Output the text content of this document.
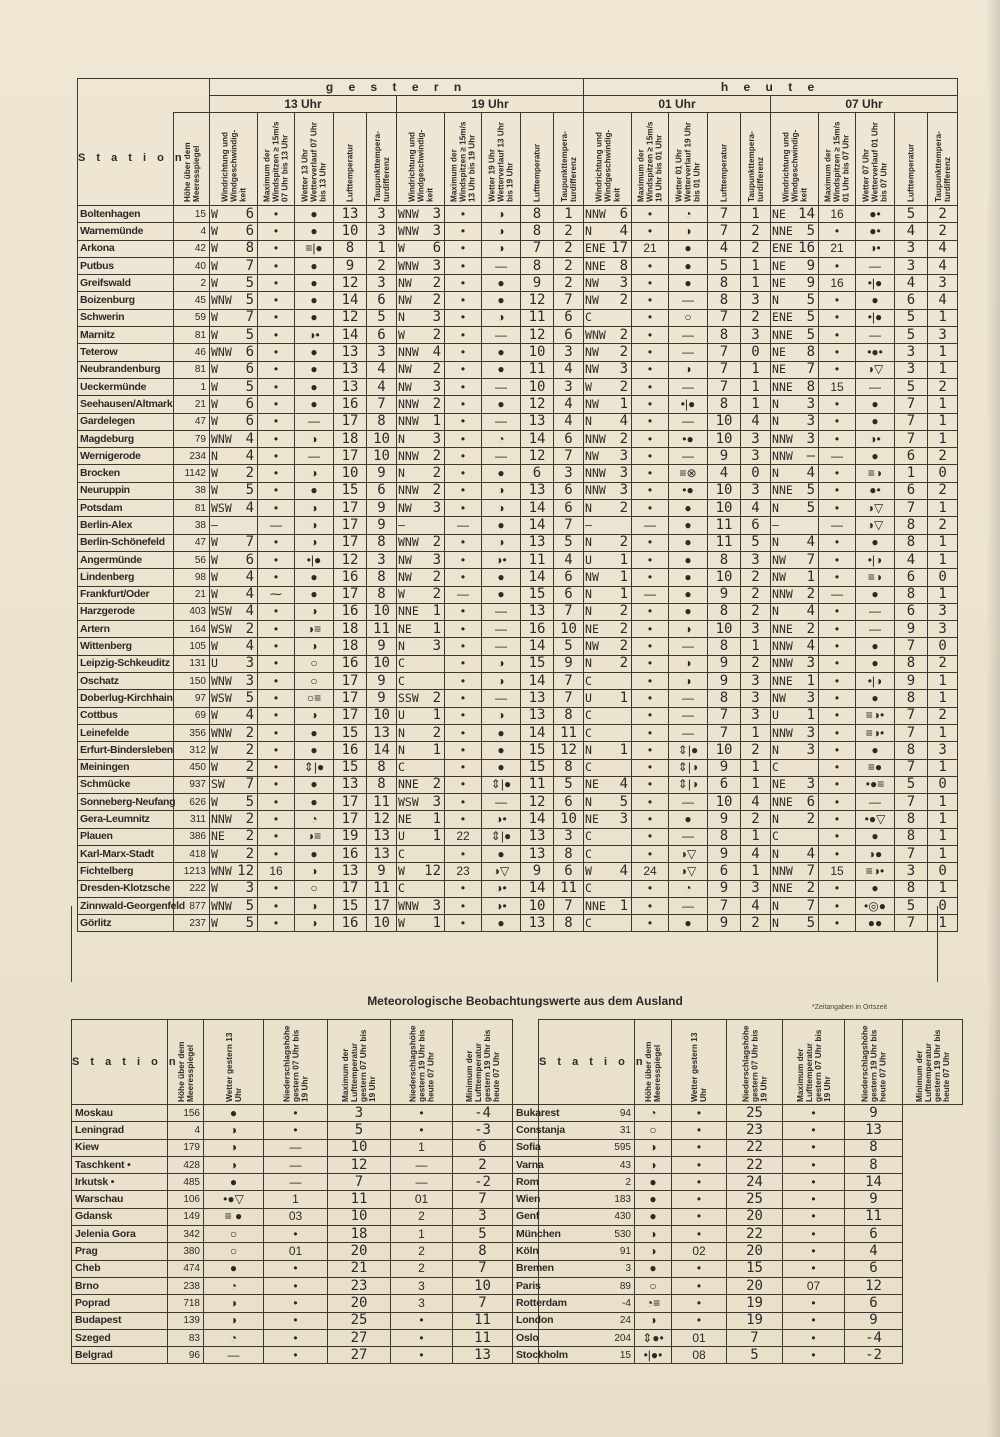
		g e s t e r n										h e u t e									
		13 Uhr					19 Uhr					01 Uhr					07 Uhr				
S t a t i o n	Höhe über dem Meeresspiegel	Windrichtung und Windgeschwindig-keit	Maximum der Windspitzen ≥ 15m/s 07 Uhr bis 13 Uhr	Wetter 13 Uhr Wetterverlauf 07 Uhr bis 13 Uhr	Lufttemperatur	Taupunkttempera-turdifferenz	Windrichtung und Windgeschwindig-keit	Maximum der Windspitzen ≥ 15m/s 13 Uhr bis 19 Uhr	Wetter 19 Uhr Wetterverlauf 13 Uhr bis 19 Uhr	Lufttemperatur	Taupunkttempera-turdifferenz	Windrichtung und Windgeschwindig-keit	Maximum der Windspitzen ≥ 15m/s 19 Uhr bis 01 Uhr	Wetter 01 Uhr Wetterverlauf 19 Uhr bis 01 Uhr	Lufttemperatur	Taupunkttempera-turdifferenz	Windrichtung und Windgeschwindig-keit	Maximum der Windspitzen ≥ 15m/s 01 Uhr bis 07 Uhr	Wetter 07 Uhr Wetterverlauf 01 Uhr bis 07 Uhr	Lufttemperatur	Taupunkttempera-turdifferenz

Boltenhagen	15	W 6	•	●	13	3	WNW 3	•	◑	8	1	NNW 6	•	◔	7	1	NE 14	16	●•	5	2
Warnemünde	4	W 6	•	●	10	3	WNW 3	•	◑	8	2	N 4	•	◑	7	2	NNE 5	•	●•	4	2
Arkona	42	W 8	•	≡|●	8	1	W 6	•	◑	7	2	ENE 17	21	●	4	2	ENE 16	21	◑•	3	4
Putbus	40	W 7	•	●	9	2	WNW 3	•	—	8	2	NNE 8	•	●	5	1	NE 9	•	—	3	4
Greifswald	2	W 5	•	●	12	3	NW 2	•	●	9	2	NW 3	•	●	8	1	NE 9	16	•|●	4	3
Boizenburg	45	WNW 5	•	●	14	6	NW 2	•	●	12	7	NW 2	•	—	8	3	N 5	•	●	6	4
Schwerin	59	W 7	•	●	12	5	N 3	•	◑	11	6	C	•	○	7	2	ENE 5	•	•|●	5	1
Marnitz	81	W 5	•	◑•	14	6	W 2	•	—	12	6	WNW 2	•	—	8	3	NNE 5	•	—	5	3
Teterow	46	WNW 6	•	●	13	3	NNW 4	•	●	10	3	NW 2	•	—	7	0	NE 8	•	•●•	3	1
Neubrandenburg	81	W 6	•	●	13	4	NW 2	•	●	11	4	NW 3	•	◑	7	1	NE 7	•	◑▽	3	1
Ueckermünde	1	W 5	•	●	13	4	NW 3	•	—	10	3	W 2	•	—	7	1	NNE 8	15	—	5	2
Seehausen/Altmark	21	W 6	•	●	16	7	NNW 2	•	●	12	4	NW 1	•	•|●	8	1	N 3	•	●	7	1
Gardelegen	47	W 6	•	—	17	8	NNW 1	•	—	13	4	N 4	•	—	10	4	N 3	•	●	7	1
Magdeburg	79	WNW 4	•	◑	18	10	N 3	•	◔	14	6	NNW 2	•	•●	10	3	NNW 3	•	◑•	7	1
Wernigerode	234	N 4	•	—	17	10	NNW 2	•	—	12	7	NW 3	•	—	9	3	NNW —	—	●	6	2
Brocken	1142	W 2	•	◑	10	9	N 2	•	●	6	3	NNW 3	•	≡⊗	4	0	N 4	•	≡◑	1	0
Neuruppin	38	W 5	•	●	15	6	NNW 2	•	◑	13	6	NNW 3	•	•●	10	3	NNE 5	•	●•	6	2
Potsdam	81	WSW 4	•	◑	17	9	NW 3	•	◑	14	6	N 2	•	●	10	4	N 5	•	◑▽	7	1
Berlin-Alex	38	—	—	◑	17	9	—	—	●	14	7	—	—	●	11	6	—	—	◑▽	8	2
Berlin-Schönefeld	47	W 7	•	◑	17	8	WNW 2	•	◑	13	5	N 2	•	●	11	5	N 4	•	●	8	1
Angermünde	56	W 6	•	•|●	12	3	NW 3	•	◑•	11	4	U 1	•	●	8	3	NW 7	•	•|◑	4	1
Lindenberg	98	W 4	•	●	16	8	NW 2	•	●	14	6	NW 1	•	●	10	2	NW 1	•	≡◑	6	0
Frankfurt/Oder	21	W 4	⁓	●	17	8	W 2	—	●	15	6	N 1	—	●	9	2	NNW 2	—	●	8	1
Harzgerode	403	WSW 4	•	◑	16	10	NNE 1	•	—	13	7	N 2	•	●	8	2	N 4	•	—	6	3
Artern	164	WSW 2	•	◑≡	18	11	NE 1	•	—	16	10	NE 2	•	◑	10	3	NNE 2	•	—	9	3
Wittenberg	105	W 4	•	◑	18	9	N 3	•	—	14	5	NW 2	•	—	8	1	NNW 4	•	●	7	0
Leipzig-Schkeuditz	131	U 3	•	○	16	10	C	•	◑	15	9	N 2	•	◑	9	2	NNW 3	•	●	8	2
Oschatz	150	WNW 3	•	○	17	9	C	•	◑	14	7	C	•	◑	9	3	NNE 1	•	•|◑	9	1
Doberlug-Kirchhain	97	WSW 5	•	○≡	17	9	SSW 2	•	—	13	7	U 1	•	—	8	3	NW 3	•	●	8	1
Cottbus	69	W 4	•	◑	17	10	U 1	•	◑	13	8	C	•	—	7	3	U 1	•	≡◑•	7	2
Leinefelde	356	WNW 2	•	●	15	13	N 2	•	●	14	11	C	•	—	7	1	NNW 3	•	≡◑•	7	1
Erfurt-Bindersleben	312	W 2	•	●	16	14	N 1	•	●	15	12	N 1	•	⇕|●	10	2	N 3	•	●	8	3
Meiningen	450	W 2	•	⇕|●	15	8	C	•	●	15	8	C	•	⇕|◑	9	1	C	•	≡●	7	1
Schmücke	937	SW 7	•	●	13	8	NNE 2	•	⇕|●	11	5	NE 4	•	⇕|◑	6	1	NE 3	•	•●≡	5	0
Sonneberg-Neufang	626	W 5	•	●	17	11	WSW 3	•	—	12	6	N 5	•	—	10	4	NNE 6	•	—	7	1
Gera-Leumnitz	311	NNW 2	•	◔	17	12	NE 1	•	◑•	14	10	NE 3	•	●	9	2	N 2	•	•●▽	8	1
Plauen	386	NE 2	•	◑≡	19	13	U 1	22	⇕|●	13	3	C	•	—	8	1	C	•	●	8	1
Karl-Marx-Stadt	418	W 2	•	●	16	13	C	•	●	13	8	C	•	◑▽	9	4	N 4	•	◑●	7	1
Fichtelberg	1213	WNW 12	16	◑	13	9	W 12	23	◑▽	9	6	W 4	24	◑▽	6	1	NNW 7	15	≡◑•	3	0
Dresden-Klotzsche	222	W 3	•	○	17	11	C	•	◑•	14	11	C	•	◔	9	3	NNE 2	•	●	8	1
Zinnwald-Georgenfeld	877	WNW 5	•	◑	15	17	WNW 3	•	◑•	10	7	NNE 1	•	—	7	4	N 7	•	•◎●	5	0
Görlitz	237	W 5	•	◑	16	10	W 1	•	●	13	8	C	•	●	9	2	N 5	•	●●	7	1
Meteorologische Beobachtungswerte aus dem Ausland	*Zeitangaben in Ortszeit
S t a t i o n	Höhe über dem Meeresspiegel	Wetter gestern 13 Uhr	Niederschlagshöhe gestern 07 Uhr bis 19 Uhr	Maximum der Lufttemperatur gestern 07 Uhr bis 19 Uhr	Niederschlagshöhe gestern 19 Uhr bis heute 07 Uhr	Minimum der Lufttemperatur gestern 19 Uhr bis heute 07 Uhr		S t a t i o n	Höhe über dem Meeresspiegel	Wetter gestern 13 Uhr	Niederschlagshöhe gestern 07 Uhr bis 19 Uhr	Maximum der Lufttemperatur gestern 07 Uhr bis 19 Uhr	Niederschlagshöhe gestern 19 Uhr bis heute 07 Uhr	Minimum der Lufttemperatur gestern 19 Uhr bis heute 07 Uhr

Moskau	156	●	•	3	•	-4	Bukarest	94	◔	•	25	•	9	
Leningrad	4	◑	•	5	•	-3	Constanja	31	○	•	23	•	13	
Kiew	179	◑	—	10	1	6	Sofia	595	◑	•	22	•	8	
Taschkent •	428	◑	—	12	—	2	Varna	43	◑	•	22	•	8	
Irkutsk •	485	●	—	7	—	-2	Rom	2	●	•	24	•	14	
Warschau	106	•●▽	1	11	01	7	Wien	183	●	•	25	•	9	
Gdansk	149	≡ ●	03	10	2	3	Genf	430	●	•	20	•	11	
Jelenia Gora	342	○	•	18	1	5	München	530	◑	•	22	•	6	
Prag	380	○	01	20	2	8	Köln	91	◑	02	20	•	4	
Cheb	474	●	•	21	2	7	Bremen	3	●	•	15	•	6	
Brno	238	◔	•	23	3	10	Paris	89	○	•	20	07	12	
Poprad	718	◑	•	20	3	7	Rotterdam	-4	◔≡	•	19	•	6	
Budapest	139	◑	•	25	•	11	London	24	◑	•	19	•	9	
Szeged	83	◔	•	27	•	11	Oslo	204	⇕●•	01	7	•	-4	
Belgrad	96	—	•	27	•	13	Stockholm	15	•|●•	08	5	•	-2	
